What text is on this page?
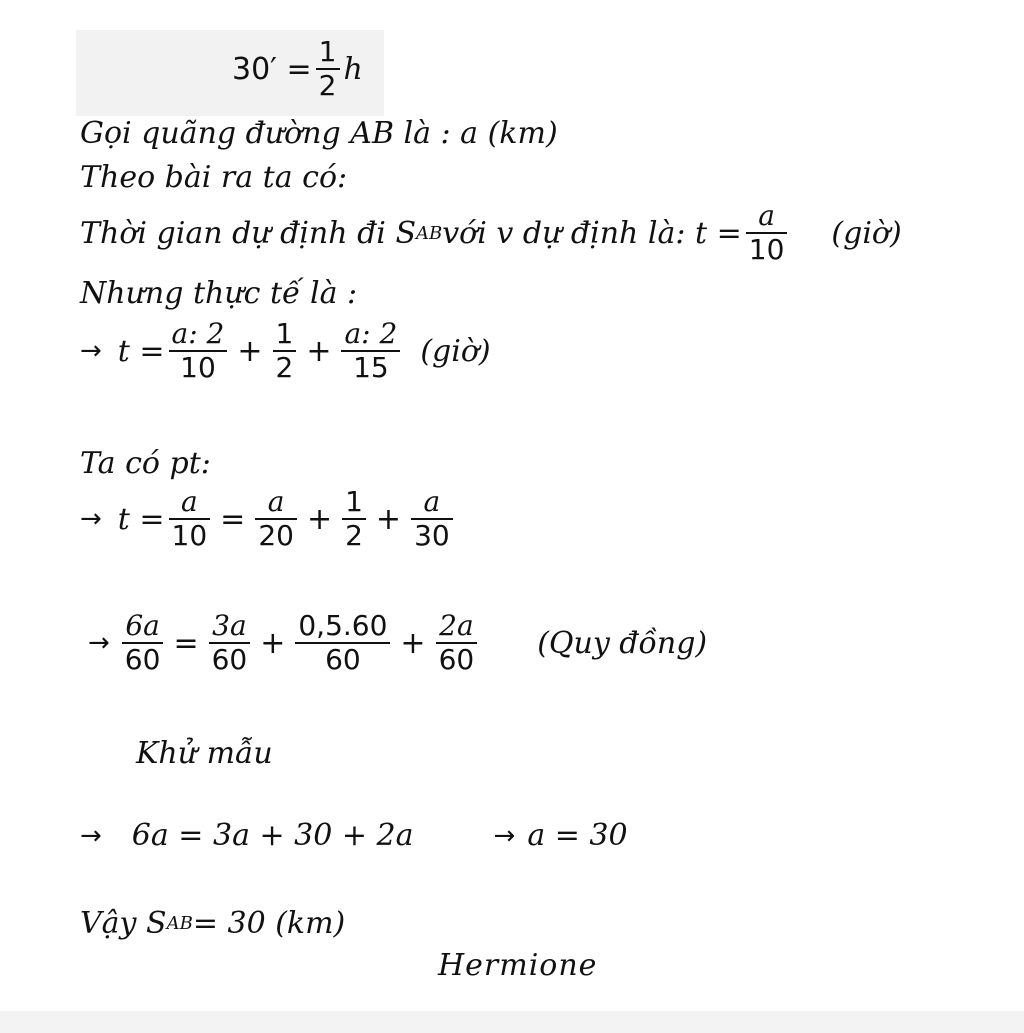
$30' = \frac{1}{2}$ h
Gọi quãng đường AB là : a (km)
Theo bài ra ta có:
Thời gian dự định đi S AB với v dự định là: $t = \frac{a}{10}$ (giờ)
Nhưng thực tế là :
→ $t = \frac{a: 2}{10} + \frac{1}{2} + \frac{a: 2}{15}$ (giờ)
Ta có pt:
→ $t = \frac{a}{10} = \frac{a}{20} + \frac{1}{2} + \frac{a}{30}$
→ $\frac{6a}{60} = \frac{3a}{60} + \frac{0,5.60}{60} + \frac{2a}{60} (Quy$ đồng)
Khử mẫu
→ 6a = 3a + 30 + 2a	→ a = 30
Vậy S AB = 30 (km)
Hermione
